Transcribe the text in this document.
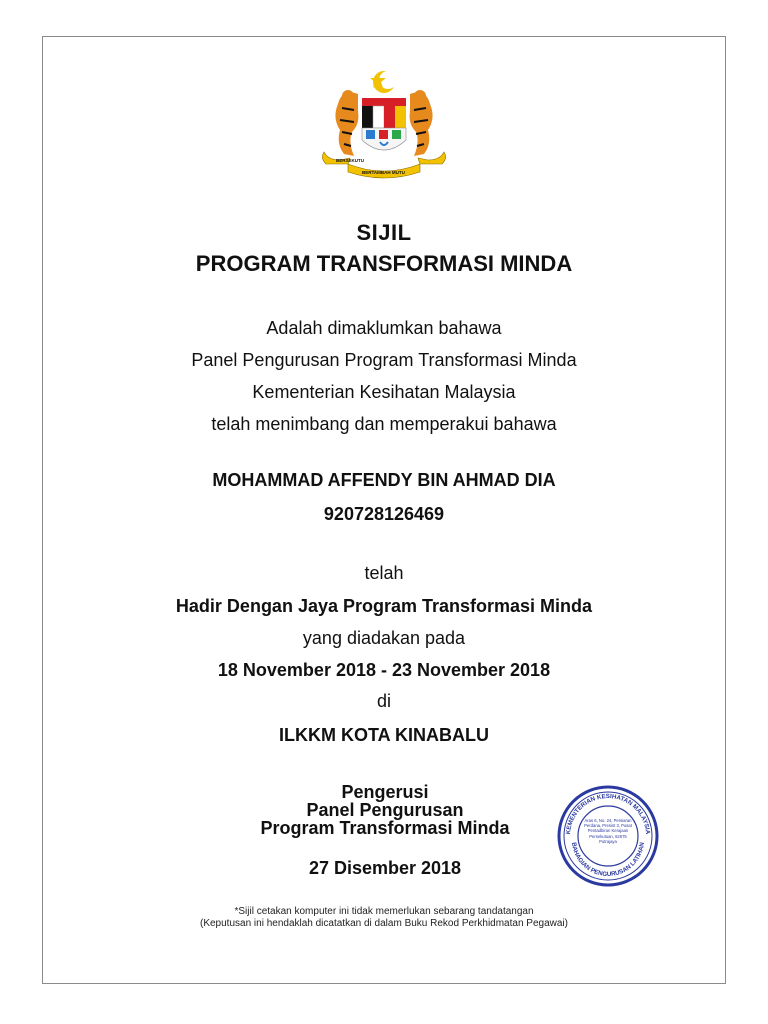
BERSEKUTU
BERTAMBAH MUTU
SIJIL
PROGRAM TRANSFORMASI MINDA
Adalah dimaklumkan bahawa
Panel Pengurusan Program Transformasi Minda
Kementerian Kesihatan Malaysia
telah menimbang dan memperakui bahawa
MOHAMMAD AFFENDY BIN AHMAD DIA
920728126469
telah
Hadir Dengan Jaya Program Transformasi Minda
yang diadakan pada
18 November 2018 - 23 November 2018
di
ILKKM KOTA KINABALU
Pengerusi
Panel Pengurusan
Program Transformasi Minda
27 Disember 2018
KEMENTERIAN KESIHATAN MALAYSIA
BAHAGIAN PENGURUSAN LATIHAN
Aras 6, No. 24, Persiaran Perdana, Presint 3, Pusat Pentadbiran Kerajaan Persekutuan, 62675 Putrajaya
*Sijil cetakan komputer ini tidak memerlukan sebarang tandatangan
(Keputusan ini hendaklah dicatatkan di dalam Buku Rekod Perkhidmatan Pegawai)
